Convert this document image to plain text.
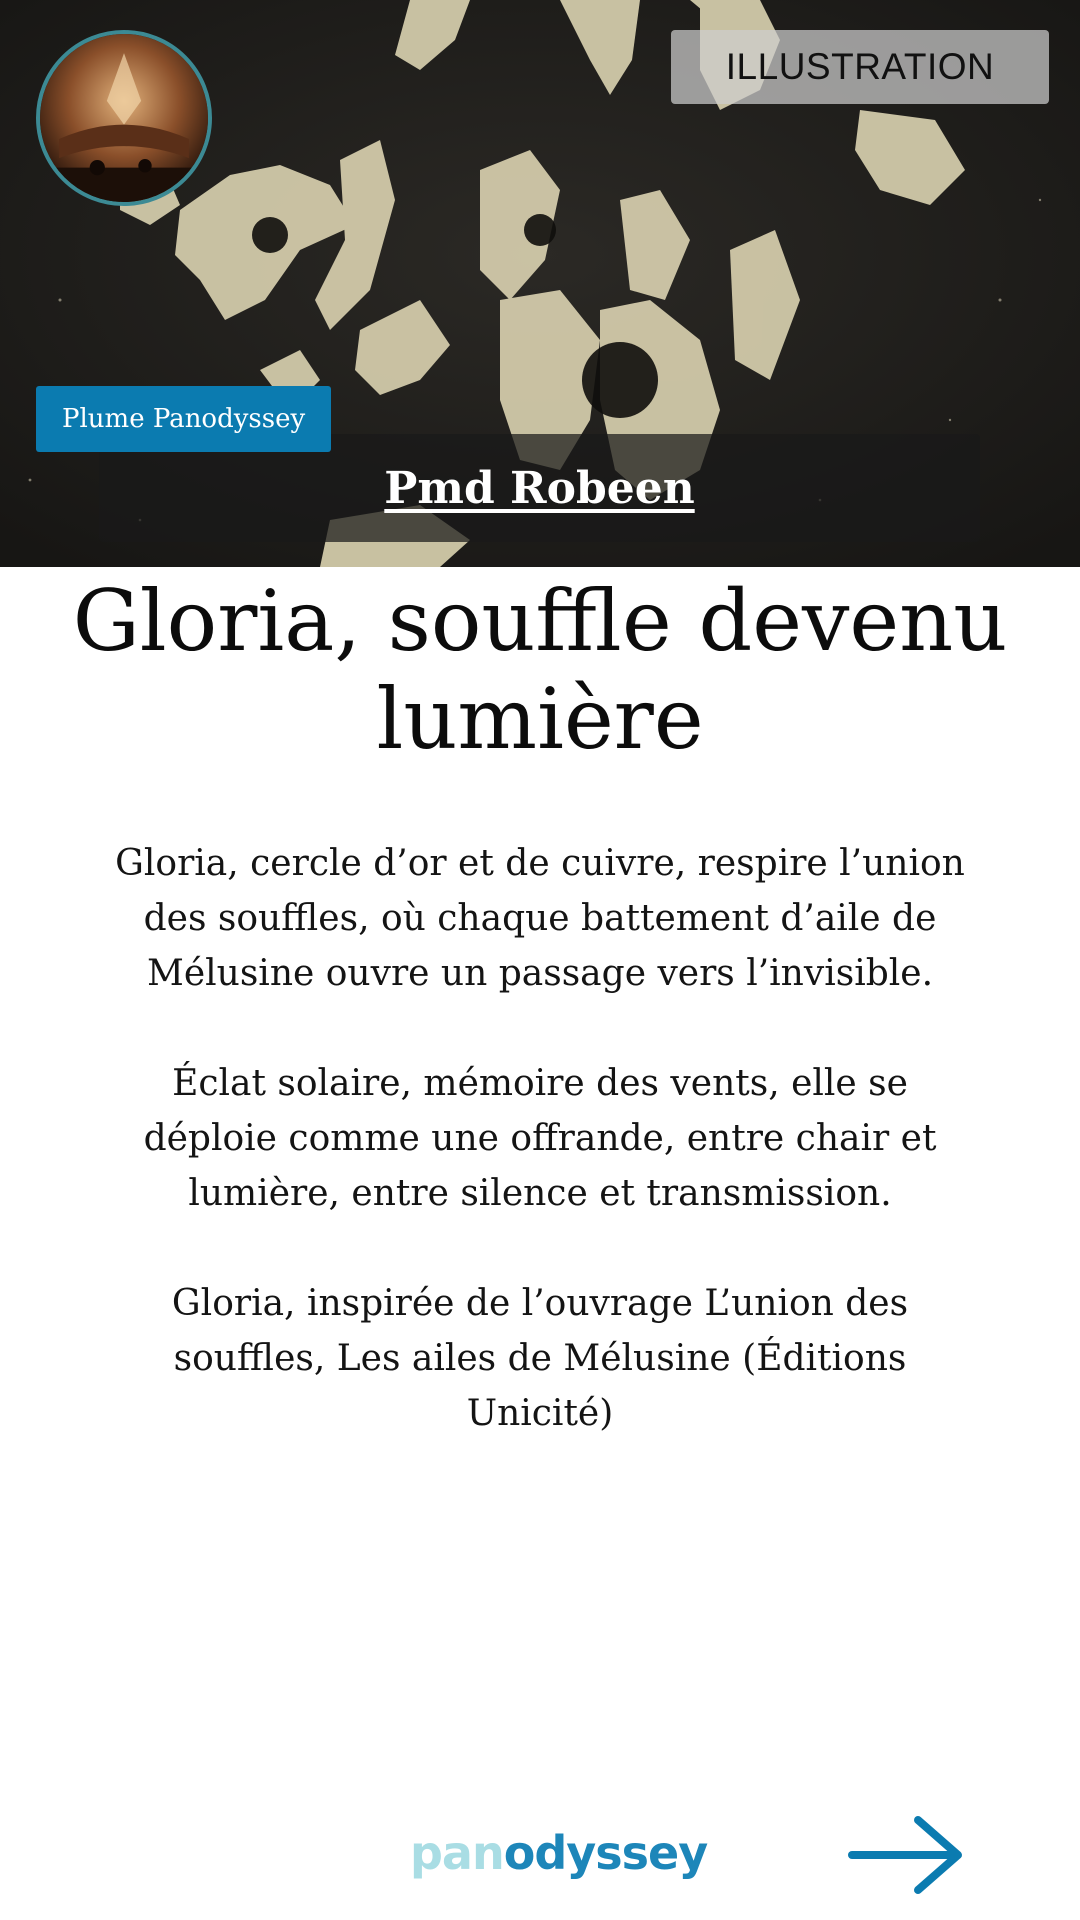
ILLUSTRATION
Plume Panodyssey
Pmd Robeen
Gloria, souffle devenu lumière

Gloria, cercle d’or et de cuivre, respire l’union des souffles, où chaque battement d’aile de Mélusine ouvre un passage vers l’invisible.

Éclat solaire, mémoire des vents, elle se déploie comme une offrande, entre chair et lumière, entre silence et transmission.

Gloria, inspirée de l’ouvrage L’union des souffles, Les ailes de Mélusine (Éditions Unicité)

panodyssey
